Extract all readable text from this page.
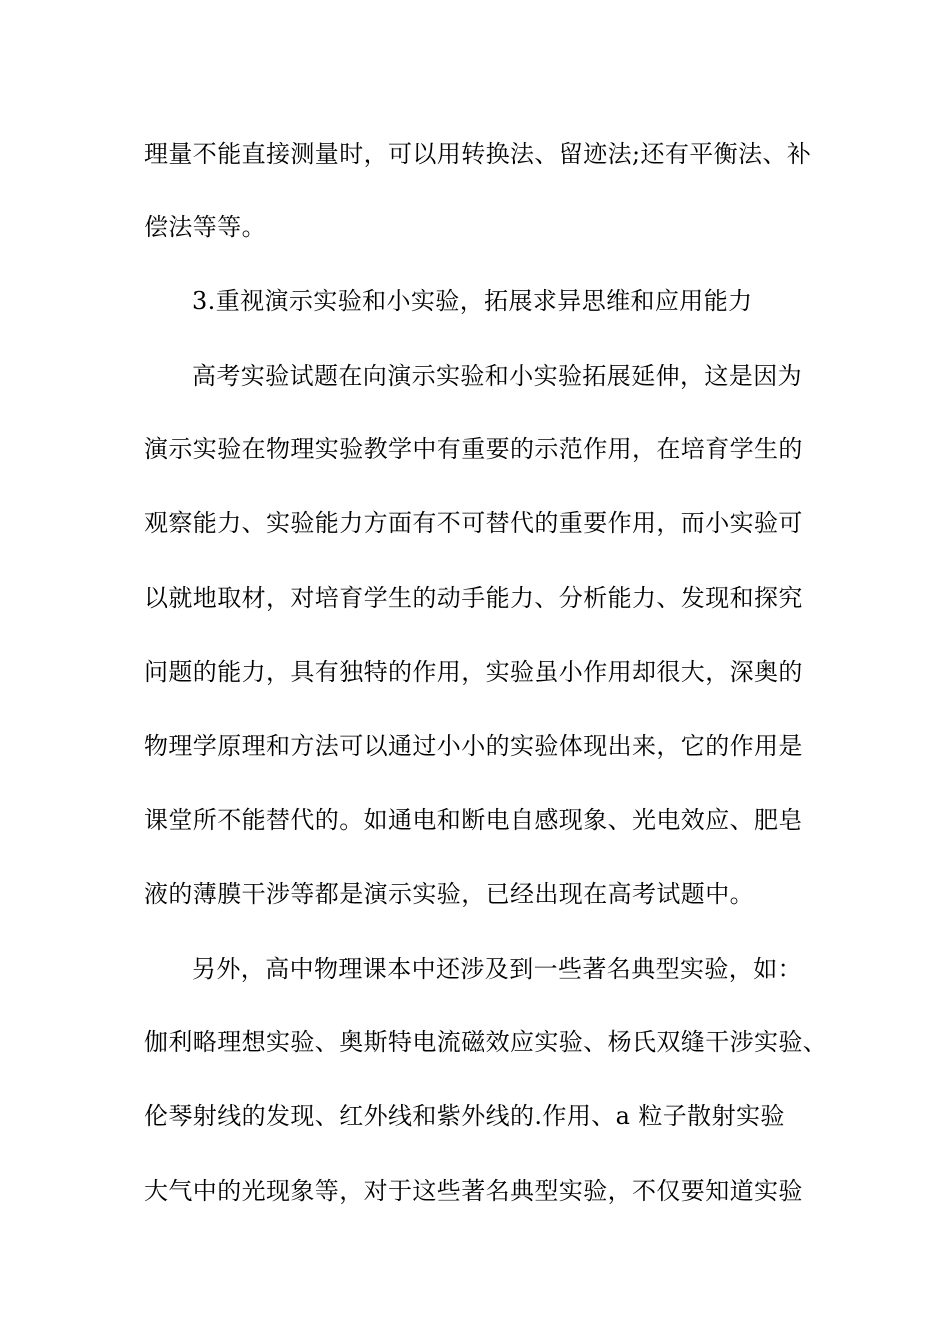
理量不能直接测量时，可以用转换法、留迹法;还有平衡法、补

偿法等等。

3.重视演示实验和小实验，拓展求异思维和应用能力

高考实验试题在向演示实验和小实验拓展延伸，这是因为

演示实验在物理实验教学中有重要的示范作用，在培育学生的

观察能力、实验能力方面有不可替代的重要作用，而小实验可

以就地取材，对培育学生的动手能力、分析能力、发现和探究

问题的能力，具有独特的作用，实验虽小作用却很大，深奥的

物理学原理和方法可以通过小小的实验体现出来，它的作用是

课堂所不能替代的。如通电和断电自感现象、光电效应、肥皂

液的薄膜干涉等都是演示实验，已经出现在高考试题中。

另外，高中物理课本中还涉及到一些著名典型实验，如：

伽利略理想实验、奥斯特电流磁效应实验、杨氏双缝干涉实验、

伦琴射线的发现、红外线和紫外线的.作用、a 粒子散射实验

大气中的光现象等，对于这些著名典型实验，不仅要知道实验
